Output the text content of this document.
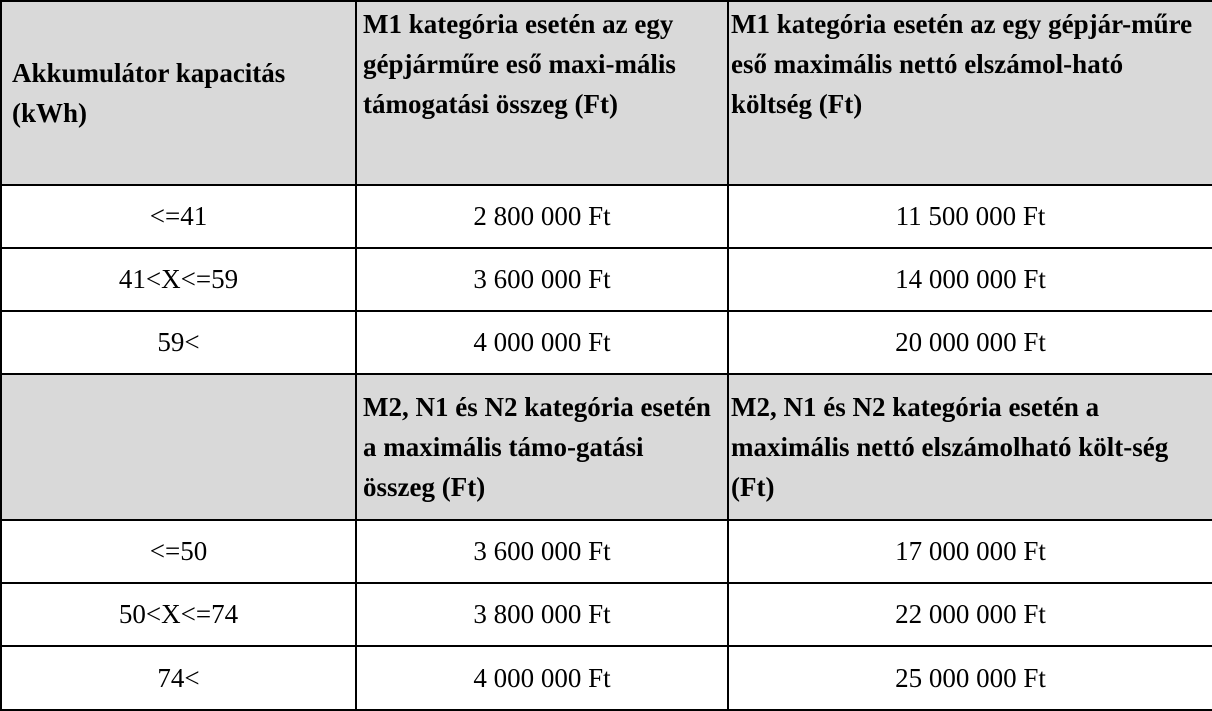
Akkumulátor kapacitás (kWh)	M1 kategória esetén az egy gépjárműre eső maxi-mális támogatási összeg (Ft)	M1 kategória esetén az egy gépjár-műre eső maximális nettó elszámol-ható költség (Ft)
<=41	2 800 000 Ft	11 500 000 Ft
41<X<=59	3 600 000 Ft	14 000 000 Ft
59<	4 000 000 Ft	20 000 000 Ft
	M2, N1 és N2 kategória esetén a maximális támo-gatási összeg (Ft)	M2, N1 és N2 kategória esetén a maximális nettó elszámolható költ-ség (Ft)
<=50	3 600 000 Ft	17 000 000 Ft
50<X<=74	3 800 000 Ft	22 000 000 Ft
74<	4 000 000 Ft	25 000 000 Ft
